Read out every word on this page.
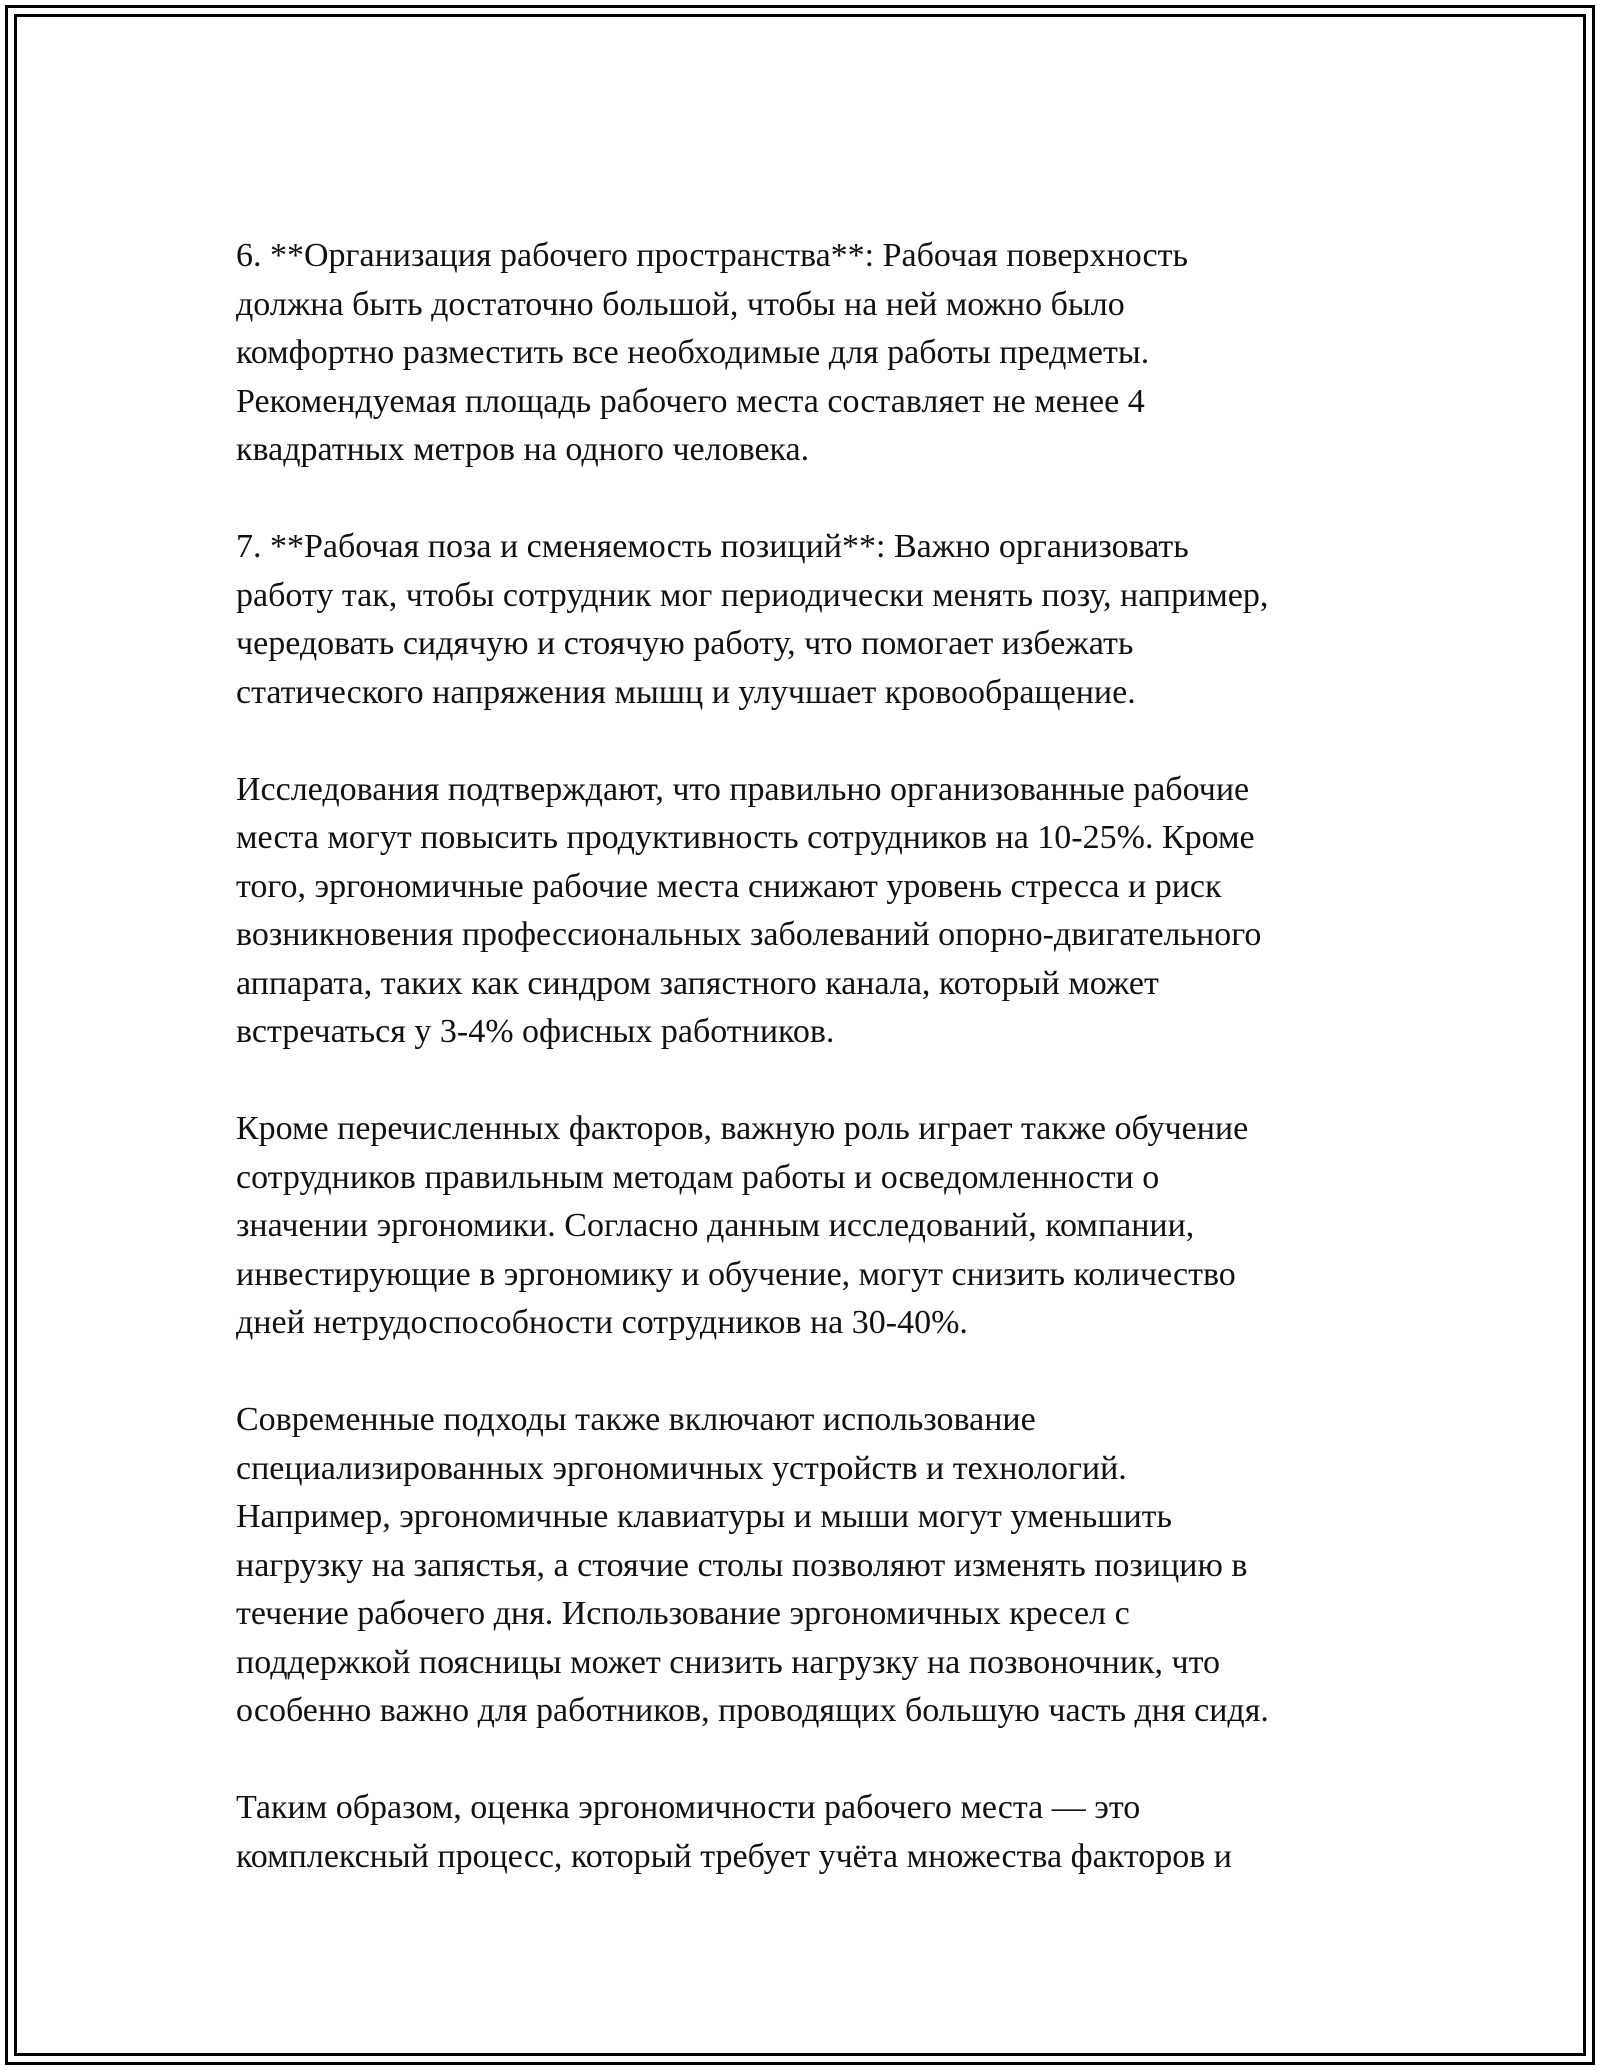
6. **Организация рабочего пространства**: Рабочая поверхность
должна быть достаточно большой, чтобы на ней можно было
комфортно разместить все необходимые для работы предметы.
Рекомендуемая площадь рабочего места составляет не менее 4
квадратных метров на одного человека.

7. **Рабочая поза и сменяемость позиций**: Важно организовать
работу так, чтобы сотрудник мог периодически менять позу, например,
чередовать сидячую и стоячую работу, что помогает избежать
статического напряжения мышц и улучшает кровообращение.

Исследования подтверждают, что правильно организованные рабочие
места могут повысить продуктивность сотрудников на 10-25%. Кроме
того, эргономичные рабочие места снижают уровень стресса и риск
возникновения профессиональных заболеваний опорно-двигательного
аппарата, таких как синдром запястного канала, который может
встречаться у 3-4% офисных работников.

Кроме перечисленных факторов, важную роль играет также обучение
сотрудников правильным методам работы и осведомленности о
значении эргономики. Согласно данным исследований, компании,
инвестирующие в эргономику и обучение, могут снизить количество
дней нетрудоспособности сотрудников на 30-40%.

Современные подходы также включают использование
специализированных эргономичных устройств и технологий.
Например, эргономичные клавиатуры и мыши могут уменьшить
нагрузку на запястья, а стоячие столы позволяют изменять позицию в
течение рабочего дня. Использование эргономичных кресел с
поддержкой поясницы может снизить нагрузку на позвоночник, что
особенно важно для работников, проводящих большую часть дня сидя.

Таким образом, оценка эргономичности рабочего места — это
комплексный процесс, который требует учёта множества факторов и
